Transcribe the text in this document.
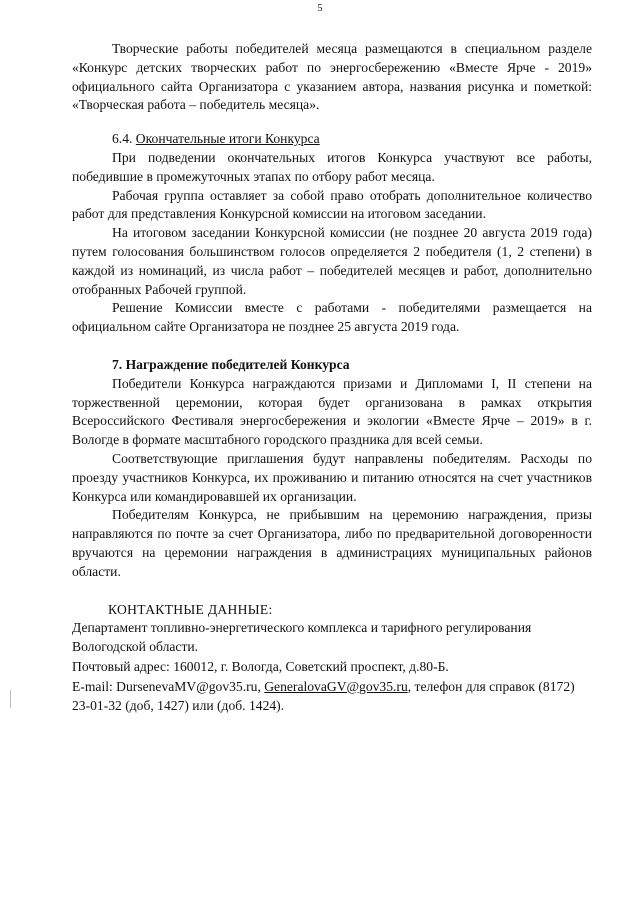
5

Творческие работы победителей месяца размещаются в специальном разделе «Конкурс детских творческих работ по энергосбережению «Вместе Ярче - 2019» официального сайта Организатора с указанием автора, названия рисунка и пометкой: «Творческая работа – победитель месяца».

6.4. Окончательные итоги Конкурса

При подведении окончательных итогов Конкурса участвуют все работы, победившие в промежуточных этапах по отбору работ месяца.

Рабочая группа оставляет за собой право отобрать дополнительное количество работ для представления Конкурсной комиссии на итоговом заседании.

На итоговом заседании Конкурсной комиссии (не позднее 20 августа 2019 года) путем голосования большинством голосов определяется 2 победителя (1, 2 степени) в каждой из номинаций, из числа работ – победителей месяцев и работ, дополнительно отобранных Рабочей группой.

Решение Комиссии вместе с работами - победителями размещается на официальном сайте Организатора не позднее 25 августа 2019 года.

7. Награждение победителей Конкурса

Победители Конкурса награждаются призами и Дипломами I, II степени на торжественной церемонии, которая будет организована в рамках открытия Всероссийского Фестиваля энергосбережения и экологии «Вместе Ярче – 2019» в г. Вологде в формате масштабного городского праздника для всей семьи.

Соответствующие приглашения будут направлены победителям. Расходы по проезду участников Конкурса, их проживанию и питанию относятся на счет участников Конкурса или командировавшей их организации.

Победителям Конкурса, не прибывшим на церемонию награждения, призы направляются по почте за счет Организатора, либо по предварительной договоренности вручаются на церемонии награждения в администрациях муниципальных районов области.

КОНТАКТНЫЕ ДАННЫЕ:

Департамент топливно-энергетического комплекса и тарифного регулирования Вологодской области.

Почтовый адрес: 160012, г. Вологда, Советский проспект, д.80-Б.

E-mail: DursenevaMV@gov35.ru, GeneralovaGV@gov35.ru, телефон для справок (8172) 23-01-32 (доб, 1427) или (доб. 1424).
